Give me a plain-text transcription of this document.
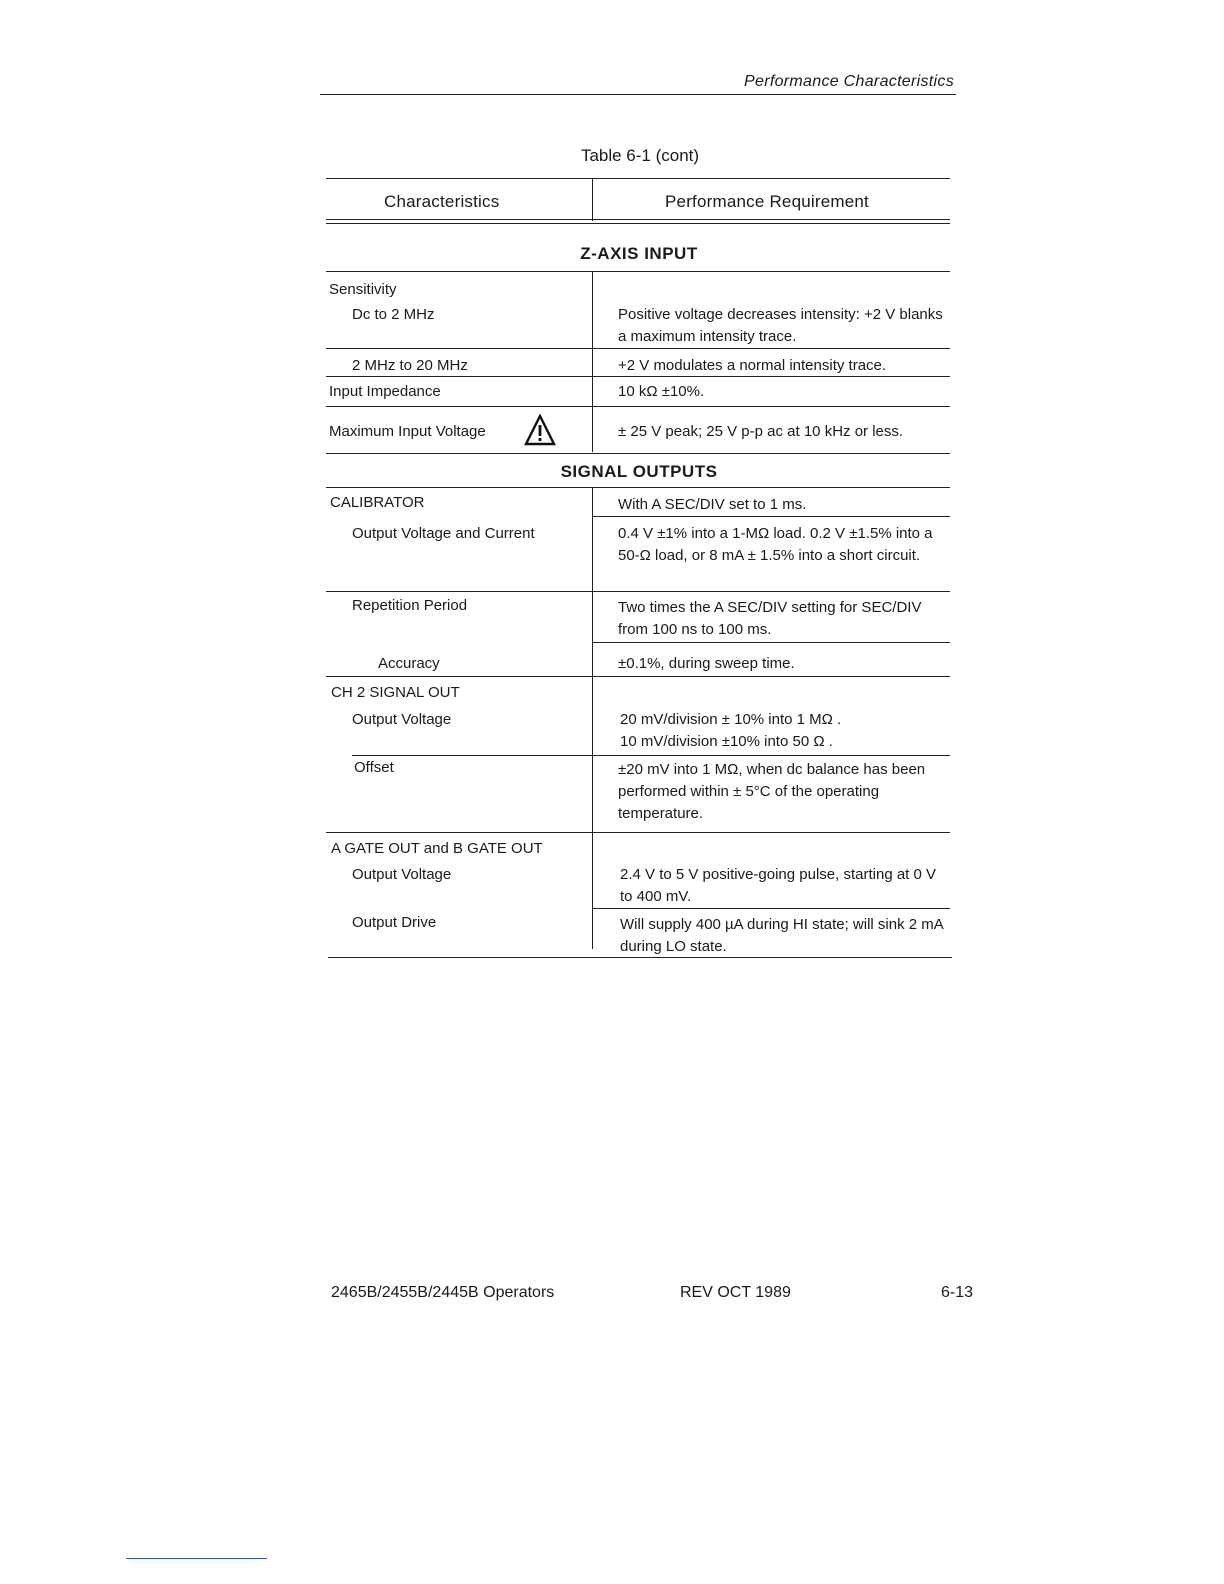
Performance Characteristics
Table 6-1 (cont)
Characteristics	Performance Requirement
Z-AXIS INPUT
Sensitivity
Dc to 2 MHz	Positive voltage decreases intensity: +2 V blanks a maximum intensity trace.
2 MHz to 20 MHz	+2 V modulates a normal intensity trace.
Input Impedance	10 kΩ ±10%.
Maximum Input Voltage	± 25 V peak; 25 V p-p ac at 10 kHz or less.
SIGNAL OUTPUTS
CALIBRATOR	With A SEC/DIV set to 1 ms.
Output Voltage and Current	0.4 V ±1% into a 1-MΩ load. 0.2 V ±1.5% into a 50-Ω load, or 8 mA ± 1.5% into a short circuit.
Repetition Period	Two times the A SEC/DIV setting for SEC/DIV from 100 ns to 100 ms.
Accuracy	±0.1%, during sweep time.
CH 2 SIGNAL OUT
Output Voltage	20 mV/division ± 10% into 1 MΩ .
10 mV/division ±10% into 50 Ω .
Offset	±20 mV into 1 MΩ, when dc balance has been performed within ± 5°C of the operating temperature.
A GATE OUT and B GATE OUT
Output Voltage	2.4 V to 5 V positive-going pulse, starting at 0 V to 400 mV.
Output Drive	Will supply 400 µA during HI state; will sink 2 mA during LO state.
2465B/2455B/2445B Operators	REV OCT 1989	6-13
